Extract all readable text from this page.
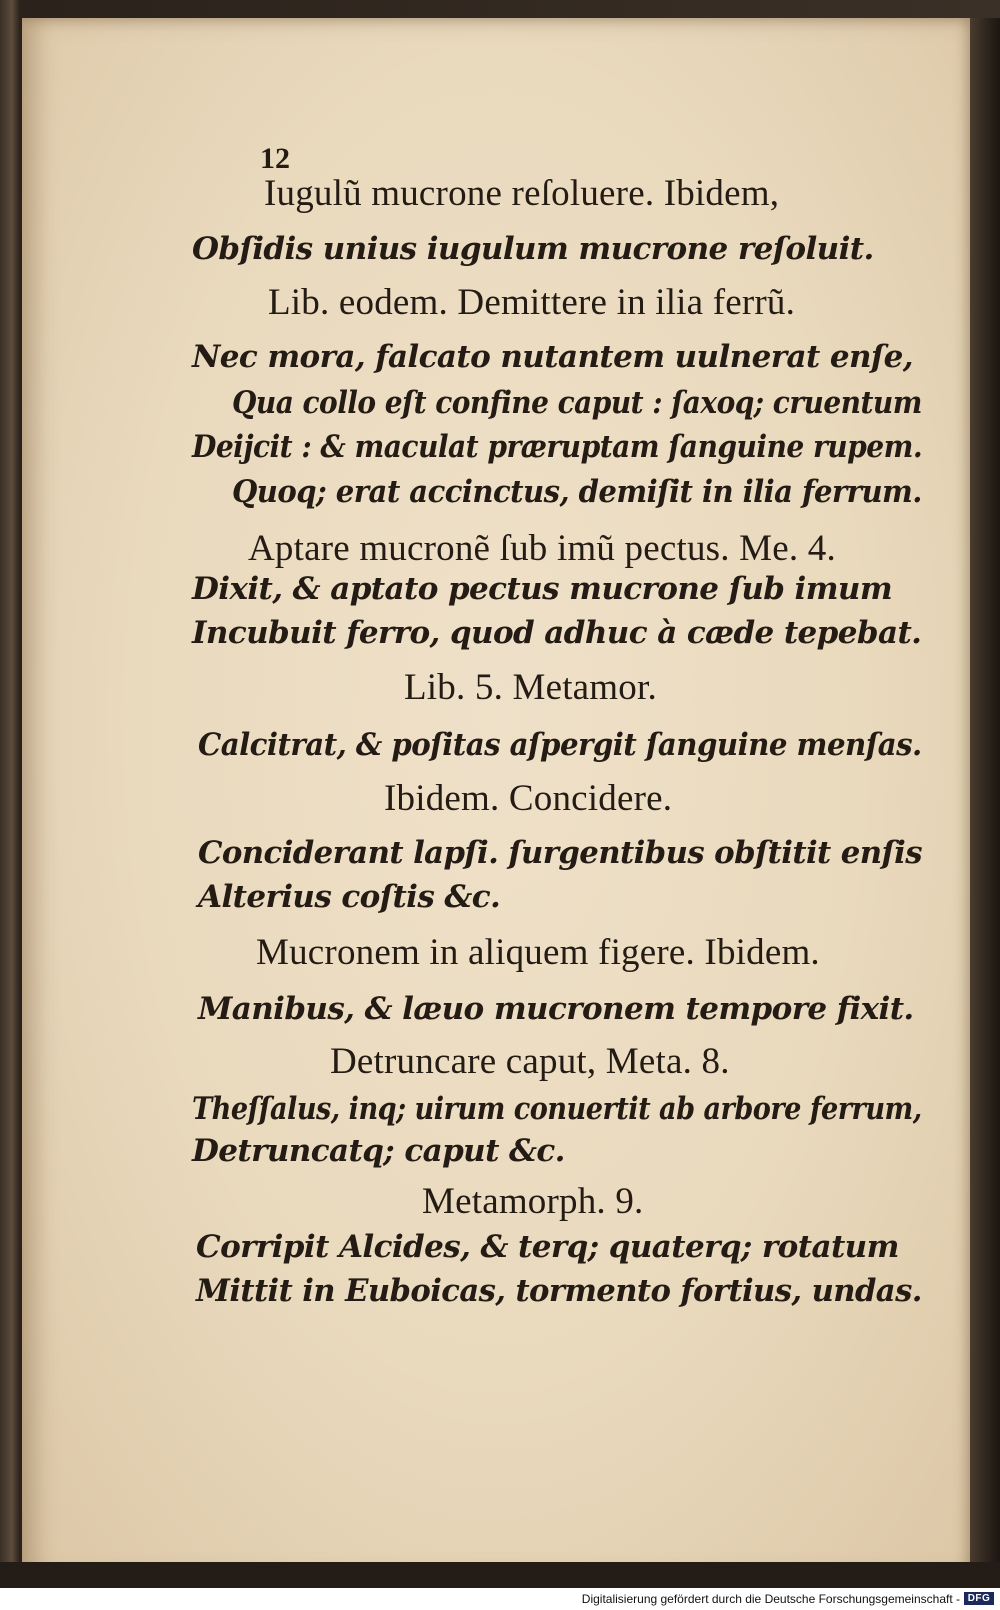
12
Iugulũ mucrone reſoluere. Ibidem,
Obſidis unius iugulum mucrone reſoluit.
Lib. eodem. Demittere in ilia ferrũ.
Nec mora, falcato nutantem uulnerat enſe,
Qua collo eſt confine caput : ſaxoq; cruentum
Deijcit : & maculat præruptam ſanguine rupem.
Quoq; erat accinctus, demiſit in ilia ferrum.
Aptare mucronẽ ſub imũ pectus. Me. 4.
Dixit, & aptato pectus mucrone ſub imum
Incubuit ferro, quod adhuc à cæde tepebat.
Lib. 5. Metamor.
Calcitrat, & poſitas aſpergit ſanguine menſas.
Ibidem. Concidere.
Conciderant lapſi. ſurgentibus obſtitit enſis
Alterius coſtis &c.
Mucronem in aliquem figere. Ibidem.
Manibus, & læuo mucronem tempore fixit.
Detruncare caput, Meta. 8.
Theſſalus, inq; uirum conuertit ab arbore ferrum,
Detruncatq; caput &c.
Metamorph. 9.
Corripit Alcides, & terq; quaterq; rotatum
Mittit in Euboicas, tormento fortius, undas.
Digitalisierung gefördert durch die Deutsche Forschungsgemeinschaft - DFG
